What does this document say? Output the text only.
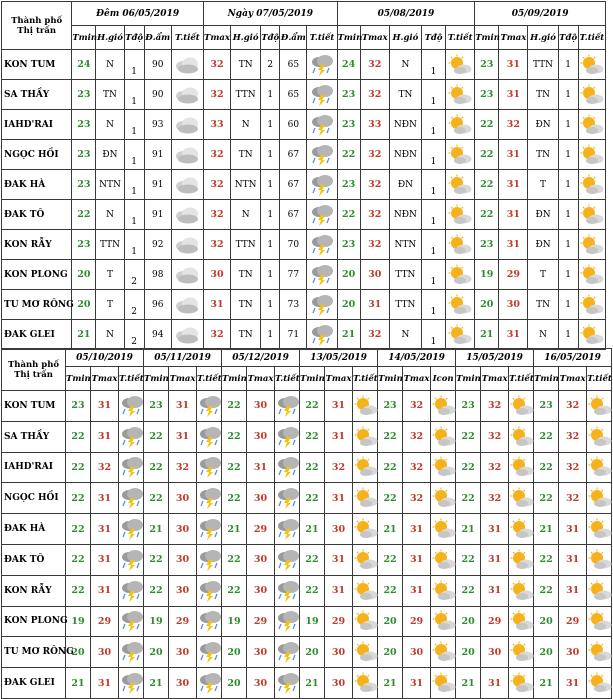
Thành phố
Thị trấn	Đêm 06/05/2019					Ngày 07/05/2019					05/08/2019					05/09/2019				
	Tmin	H.gió	Tđộ	Đ.ẩm	T.tiết	Tmax	H.gió	Tđộ	Đ.ẩm	T.tiết	Tmin	Tmax	H.gió	Tđộ	T.tiết	Tmin	Tmax	H.gió	Tđộ	T.tiết
KON TUM	24	N	1	90		32	TN	2	65		24	32	N	1		23	31	TTN	1	

SA THẦY	23	TN	1	90		32	TTN	1	65		23	32	TN	1		23	31	TN	1	

IAHD'RAI	23	N	1	93		33	N	1	60		23	33	NĐN	1		22	32	ĐN	1	

NGỌC HỒI	23	ĐN	1	91		32	TN	1	67		22	32	NĐN	1		22	31	TN	1	

ĐAK HÀ	23	NTN	1	91		32	NTN	1	67		23	32	ĐN	1		22	31	T	1	

ĐAK TÔ	22	N	1	91		32	N	1	67		22	32	NĐN	1		22	31	ĐN	1	

KON RẪY	23	TTN	1	92		32	TTN	1	70		23	32	NTN	1		23	31	ĐN	1	

KON PLONG	20	T	2	98		30	TN	1	77		20	30	TTN	1		19	29	T	1	

TU MƠ RÔNG	20	T	2	96		31	TN	1	73		20	31	TTN	1		20	30	TN	1	

ĐAK GLEI	21	N	2	94		32	TN	1	71		21	32	N	1		21	31	N	1	
Thành phố
Thị trấn	05/10/2019			05/11/2019			05/12/2019			13/05/2019			14/05/2019			15/05/2019			16/05/2019		
	Tmin	Tmax	T.tiết	Tmin	Tmax	T.tiết	Tmin	Tmax	T.tiết	Tmin	Tmax	T.tiết	Tmin	Tmax	Icon	Tmin	Tmax	T.tiết	Tmin	Tmax	T.tiết
KON TUM	23	31		23	31		22	30		22	31		23	32		23	32		23	32	

SA THẦY	22	31		22	31		22	30		22	31		22	32		22	32		22	32	

IAHD'RAI	22	32		22	32		22	31		22	32		22	32		22	32		22	32	

NGỌC HỒI	22	31		22	30		22	30		22	31		22	32		22	32		22	32	

ĐAK HÀ	22	31		21	30		21	29		21	30		21	31		21	31		21	31	

ĐAK TÔ	22	31		22	30		22	30		22	31		22	31		22	31		22	31	

KON RẪY	22	31		22	30		22	30		22	31		22	31		22	31		22	31	

KON PLONG	19	29		19	29		19	29		19	29		20	29		20	29		20	29	

TU MƠ RÔNG	20	30		20	30		20	30		20	30		20	30		20	30		20	30	

ĐAK GLEI	21	31		21	30		20	30		21	30		21	31		21	31		21	31	
